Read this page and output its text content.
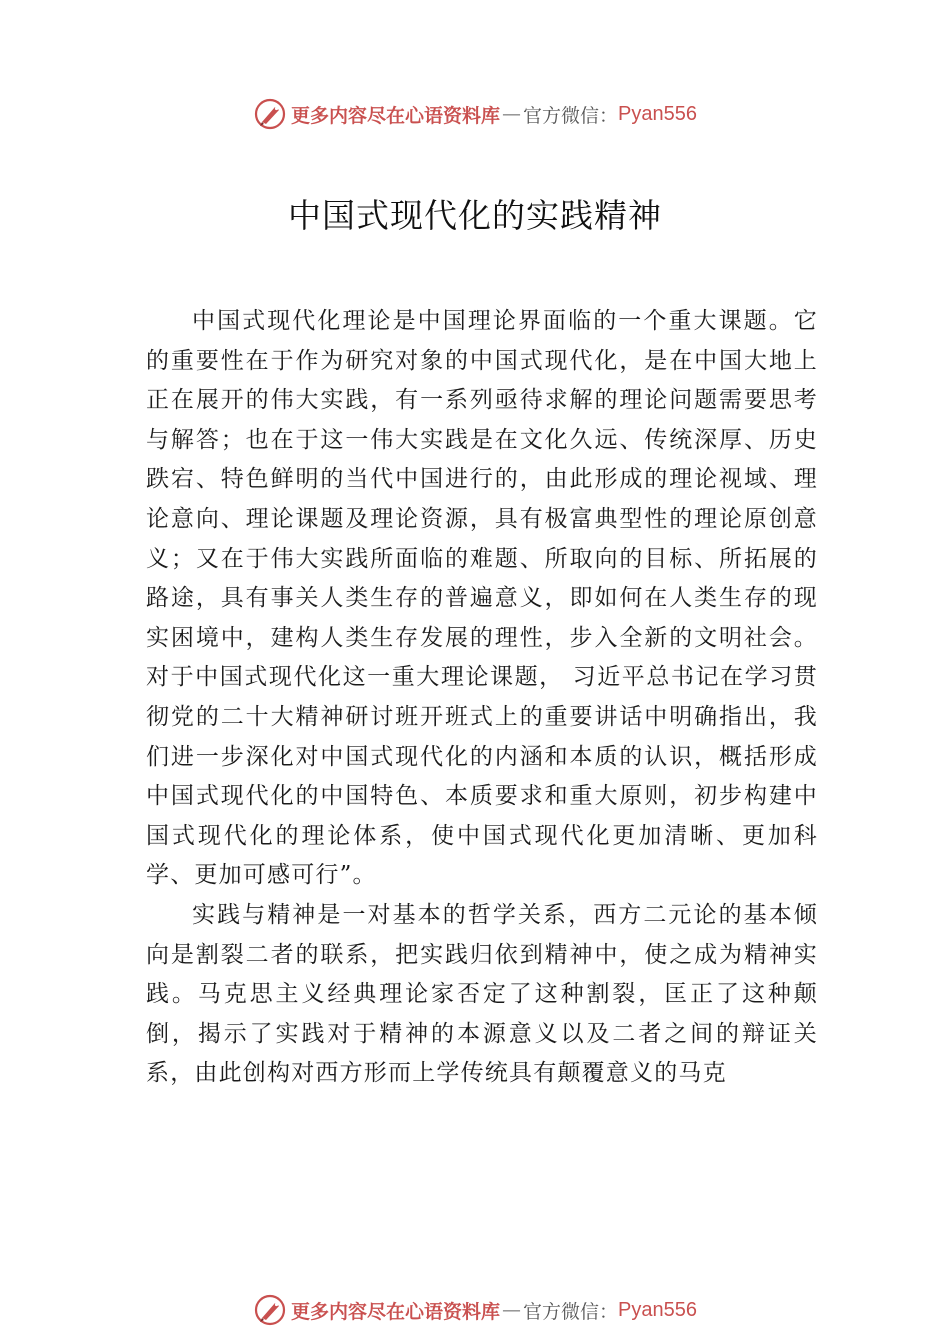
更多内容尽在心语资料库 — 官方微信： Pyan556
中国式现代化的实践精神

中国式现代化理论是中国理论界面临的一个重大课题。它的重要性在于作为研究对象的中国式现代化，是在中国大地上正在展开的伟大实践，有一系列亟待求解的理论问题需要思考与解答；也在于这一伟大实践是在文化久远、传统深厚、历史跌宕、特色鲜明的当代中国进行的，由此形成的理论视域、理论意向、理论课题及理论资源，具有极富典型性的理论原创意义；又在于伟大实践所面临的难题、所取向的目标、所拓展的路途，具有事关人类生存的普遍意义，即如何在人类生存的现实困境中，建构人类生存发展的理性，步入全新的文明社会。对于中国式现代化这一重大理论课题， 习近平总书记在学习贯彻党的二十大精神研讨班开班式上的重要讲话中明确指出，我们进一步深化对中国式现代化的内涵和本质的认识，概括形成中国式现代化的中国特色、本质要求和重大原则，初步构建中国式现代化的理论体系，使中国式现代化更加清晰、更加科学、更加可感可行”。

实践与精神是一对基本的哲学关系，西方二元论的基本倾向是割裂二者的联系，把实践归依到精神中，使之成为精神实践。马克思主义经典理论家否定了这种割裂，匡正了这种颠倒，揭示了实践对于精神的本源意义以及二者之间的辩证关系，由此创构对西方形而上学传统具有颠覆意义的马克

更多内容尽在心语资料库 — 官方微信： Pyan556
